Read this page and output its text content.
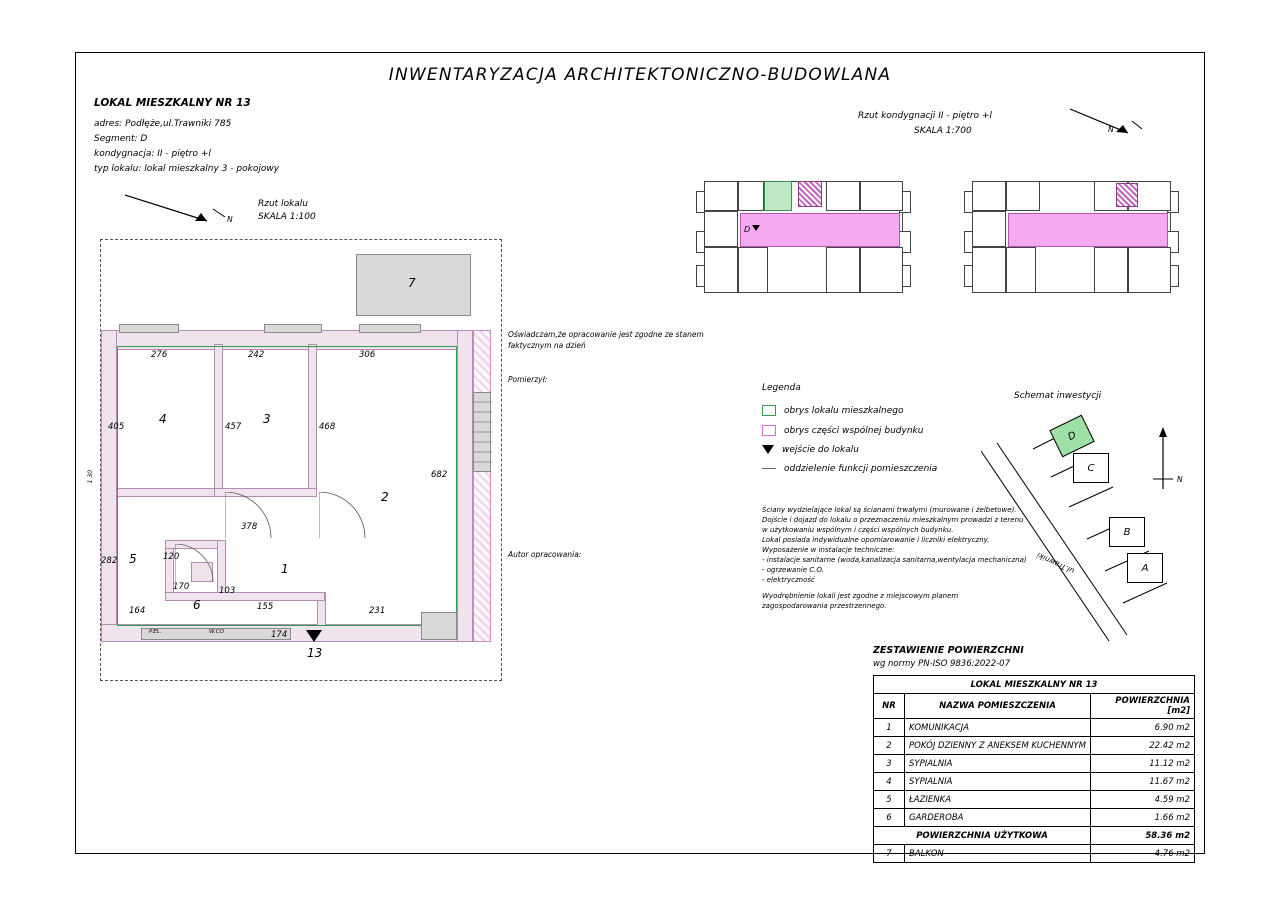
INWENTARYZACJA ARCHITEKTONICZNO-BUDOWLANA
LOKAL MIESZKALNY NR 13
adres: Podłęże,ul.Trawniki 785
Segment: D
kondygnacja: II - piętro +l
typ lokalu: lokal mieszkalny 3 - pokojowy
Rzut lokalu
SKALA 1:100
N
7
P.EL.	W.CO
13
4	3
2
1
5
6
276	242	306
405	457	468
682
378
282	120
164
170	103
155
174
231
1 30
Rzut kondygnacji II - piętro +l
SKALA 1:700	N
D
Oświadczam,że opracowanie jest zgodne ze stanem
faktycznym na dzień
Pomierzył:
Autor opracowania:
Legenda
obrys lokalu mieszkalnego
obrys części wspólnej budynku
wejście do lokalu
oddzielenie funkcji pomieszczenia
Ściany wydzielające lokal są ścianami trwałymi (murowane i żelbetowe).
Dojście i dojazd do lokalu o przeznaczeniu mieszkalnym prowadzi z terenu
w użytkowaniu wspólnym i części wspólnych budynku.
Lokal posiada indywidualne opomiarowanie i liczniki elektryczny.
Wyposażenie w instalacje techniczne:
- instalacje sanitarne (woda,kanalizacja sanitarna,wentylacja mechaniczna)
- ogrzewanie C.O.
- elektryczność
Wyodrębnienie lokali jest zgodne z miejscowym planem
zagospodarowania przestrzennego.
Schemat inwestycji
D
C
B
A
ul.Trawniki
N
ZESTAWIENIE POWIERZCHNI
wg normy PN-ISO 9836:2022-07
LOKAL MIESZKALNY NR 13		
NR	NAZWA POMIESZCZENIA	POWIERZCHNIA [m2]
1	KOMUNIKACJA	6.90 m2
2	POKÓJ DZIENNY Z ANEKSEM KUCHENNYM	22.42 m2
3	SYPIALNIA	11.12 m2
4	SYPIALNIA	11.67 m2
5	ŁAZIENKA	4.59 m2
6	GARDEROBA	1.66 m2
POWIERZCHNIA UŻYTKOWA		58.36 m2
7	BALKON	4.76 m2
